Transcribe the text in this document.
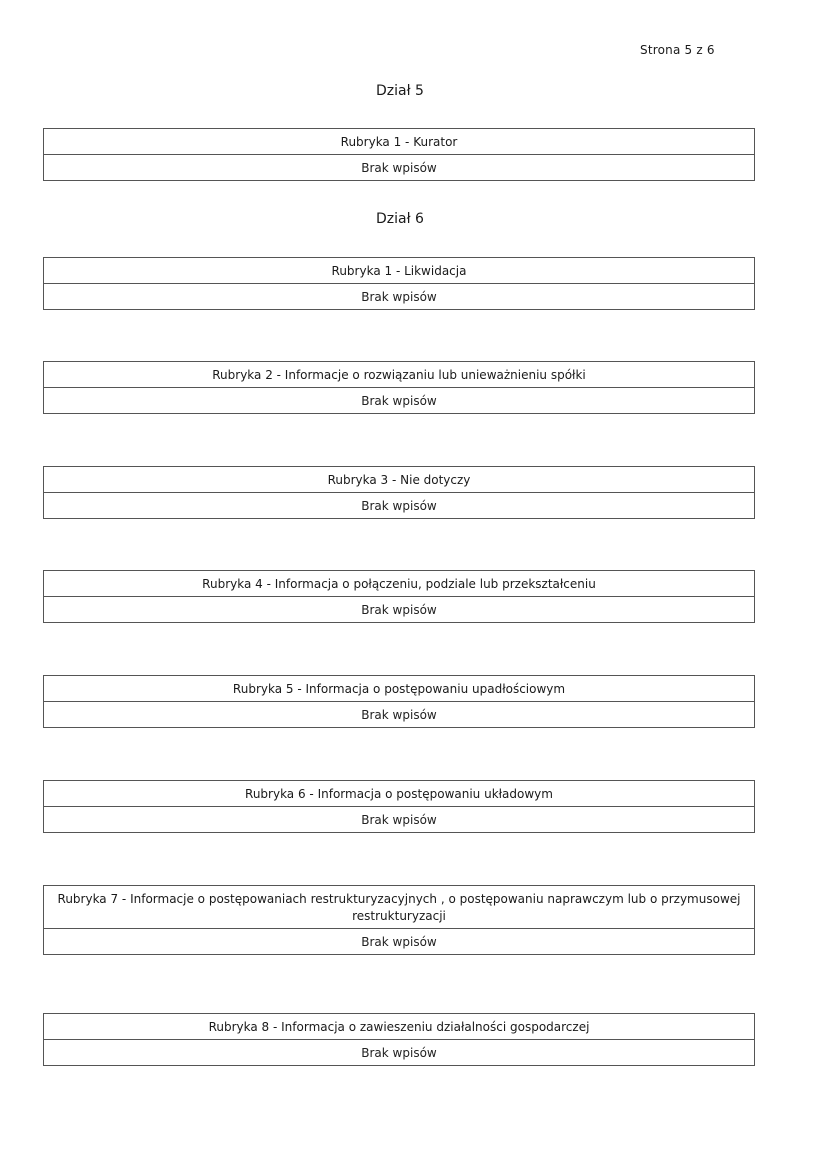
Strona 5 z 6
Dział 5
Rubryka 1 - Kurator
Brak wpisów
Dział 6
Rubryka 1 - Likwidacja
Brak wpisów
Rubryka 2 - Informacje o rozwiązaniu lub unieważnieniu spółki
Brak wpisów
Rubryka 3 - Nie dotyczy
Brak wpisów
Rubryka 4 - Informacja o połączeniu, podziale lub przekształceniu
Brak wpisów
Rubryka 5 - Informacja o postępowaniu upadłościowym
Brak wpisów
Rubryka 6 - Informacja o postępowaniu układowym
Brak wpisów
Rubryka 7 - Informacje o postępowaniach restrukturyzacyjnych , o postępowaniu naprawczym lub o przymusowej restrukturyzacji
Brak wpisów
Rubryka 8 - Informacja o zawieszeniu działalności gospodarczej
Brak wpisów
